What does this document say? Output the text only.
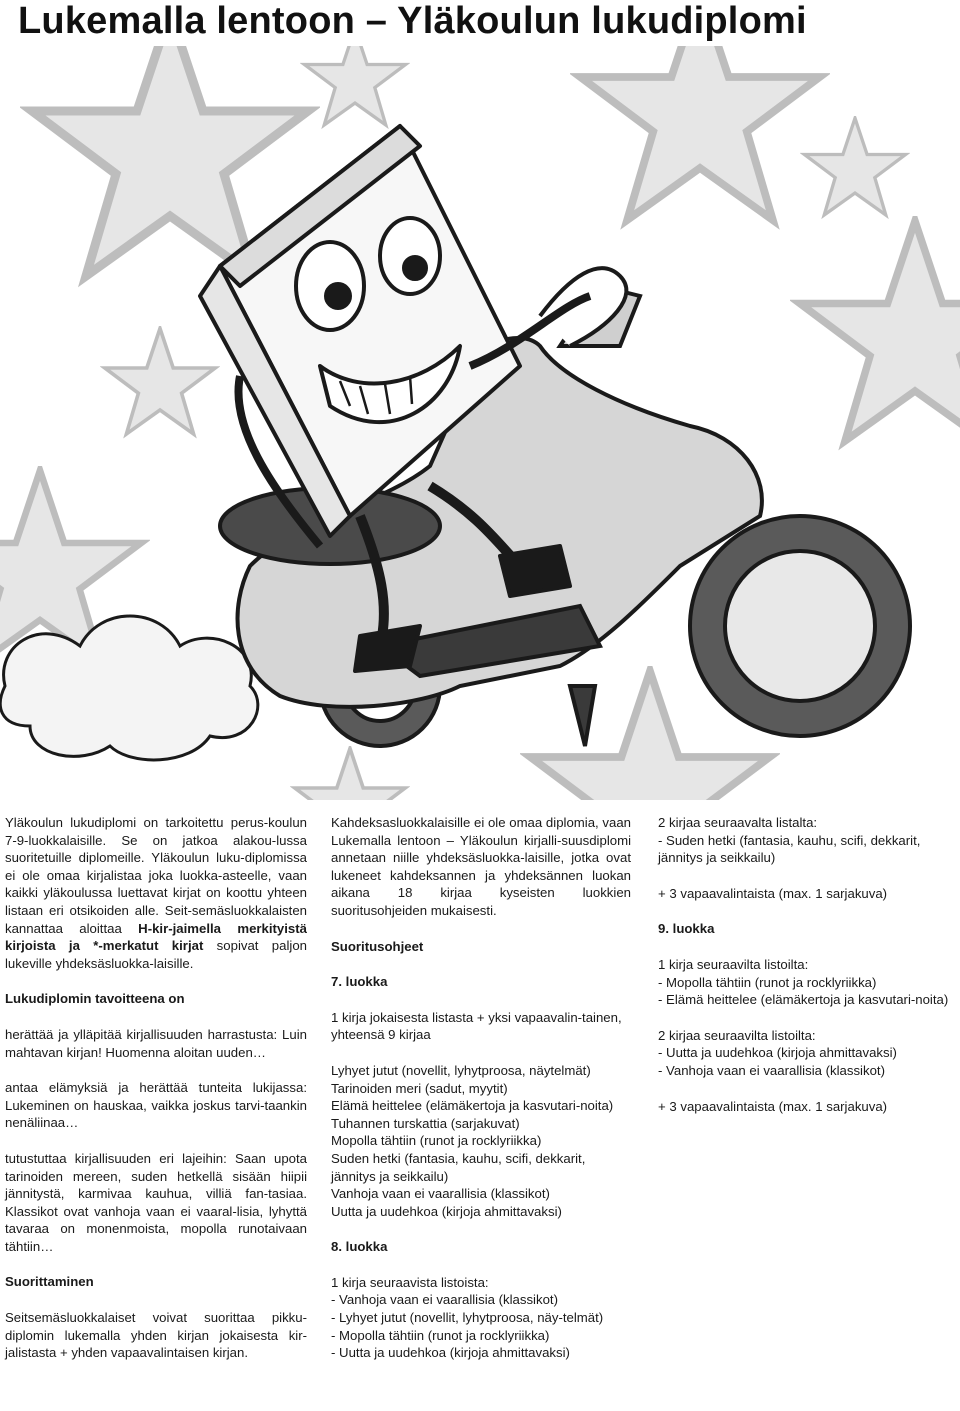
Lukemalla lentoon – Yläkoulun lukudiplomi

Yläkoulun lukudiplomi on tarkoitettu perus-koulun 7-9-luokkalaisille. Se on jatkoa alakou-lussa suoritetuille diplomeille. Yläkoulun luku-diplomissa ei ole omaa kirjalistaa joka luokka-asteelle, vaan kaikki yläkoulussa luettavat kirjat on koottu yhteen listaan eri otsikoiden alle. Seit-semäsluokkalaisten kannattaa aloittaa H-kir-jaimella merkityistä kirjoista ja *-merkatut kirjat sopivat paljon lukeville yhdeksäsluokka-laisille.

Lukudiplomin tavoitteena on

herättää ja ylläpitää kirjallisuuden harrastusta: Luin mahtavan kirjan! Huomenna aloitan uuden…

antaa elämyksiä ja herättää tunteita lukijassa: Lukeminen on hauskaa, vaikka joskus tarvi-taankin nenäliinaa…

tutustuttaa kirjallisuuden eri lajeihin: Saan upota tarinoiden mereen, suden hetkellä sisään hiipii jännitystä, karmivaa kauhua, villiä fan-tasiaa. Klassikot ovat vanhoja vaan ei vaaral-lisia, lyhyttä tavaraa on monenmoista, mopolla runotaivaan tähtiin…

Suorittaminen

Seitsemäsluokkalaiset voivat suorittaa pikku-diplomin lukemalla yhden kirjan jokaisesta kir-jalistasta + yhden vapaavalintaisen kirjan.

Kahdeksasluokkalaisille ei ole omaa diplomia, vaan Lukemalla lentoon – Yläkoulun kirjalli-suusdiplomi annetaan niille yhdeksäsluokka-laisille, jotka ovat lukeneet kahdeksannen ja yhdeksännen luokan aikana 18 kirjaa kyseisten luokkien suoritusohjeiden mukaisesti.

Suoritusohjeet

7. luokka

1 kirja jokaisesta listasta + yksi vapaavalin-tainen, yhteensä 9 kirjaa

Lyhyet jutut (novellit, lyhytproosa, näytelmät)

Tarinoiden meri (sadut, myytit)

Elämä heittelee (elämäkertoja ja kasvutari-noita)

Tuhannen turskattia (sarjakuvat)

Mopolla tähtiin (runot ja rocklyriikka)

Suden hetki (fantasia, kauhu, scifi, dekkarit, jännitys ja seikkailu)

Vanhoja vaan ei vaarallisia (klassikot)

Uutta ja uudehkoa (kirjoja ahmittavaksi)

8. luokka

1 kirja seuraavista listoista:

- Vanhoja vaan ei vaarallisia (klassikot)

- Lyhyet jutut (novellit, lyhytproosa, näy-telmät)

- Mopolla tähtiin (runot ja rocklyriikka)

- Uutta ja uudehkoa (kirjoja ahmittavaksi)

2 kirjaa seuraavalta listalta:

- Suden hetki (fantasia, kauhu, scifi, dekkarit, jännitys ja seikkailu)

+ 3 vapaavalintaista (max. 1 sarjakuva)

9. luokka

1 kirja seuraavilta listoilta:

- Mopolla tähtiin (runot ja rocklyriikka)

- Elämä heittelee (elämäkertoja ja kasvutari-noita)

2 kirjaa seuraavilta listoilta:

- Uutta ja uudehkoa (kirjoja ahmittavaksi)

- Vanhoja vaan ei vaarallisia (klassikot)

+ 3 vapaavalintaista (max. 1 sarjakuva)
